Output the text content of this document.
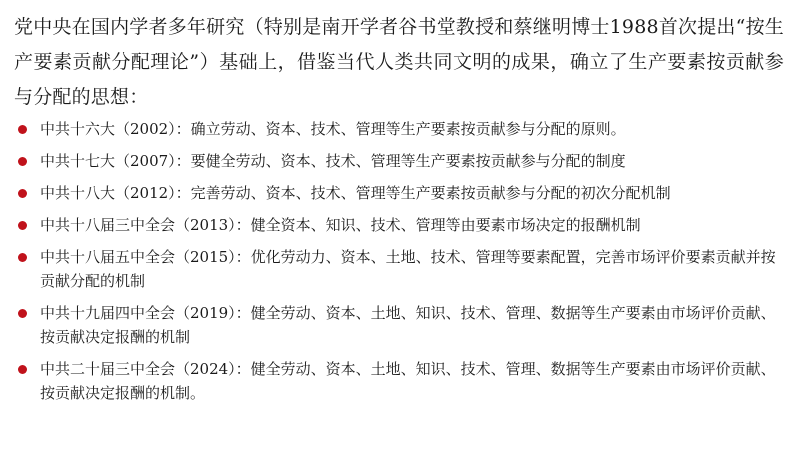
党中央在国内学者多年研究（特别是南开学者谷书堂教授和蔡继明博士1988首次提出“按生产要素贡献分配理论”）基础上，借鉴当代人类共同文明的成果，确立了生产要素按贡献参与分配的思想：

中共十六大（2002）：确立劳动、资本、技术、管理等生产要素按贡献参与分配的原则。
中共十七大（2007）：要健全劳动、资本、技术、管理等生产要素按贡献参与分配的制度
中共十八大（2012）：完善劳动、资本、技术、管理等生产要素按贡献参与分配的初次分配机制
中共十八届三中全会（2013）：健全资本、知识、技术、管理等由要素市场决定的报酬机制
中共十八届五中全会（2015）：优化劳动力、资本、土地、技术、管理等要素配置，完善市场评价要素贡献并按贡献分配的机制
中共十九届四中全会（2019）：健全劳动、资本、土地、知识、技术、管理、数据等生产要素由市场评价贡献、按贡献决定报酬的机制
中共二十届三中全会（2024）：健全劳动、资本、土地、知识、技术、管理、数据等生产要素由市场评价贡献、按贡献决定报酬的机制。
